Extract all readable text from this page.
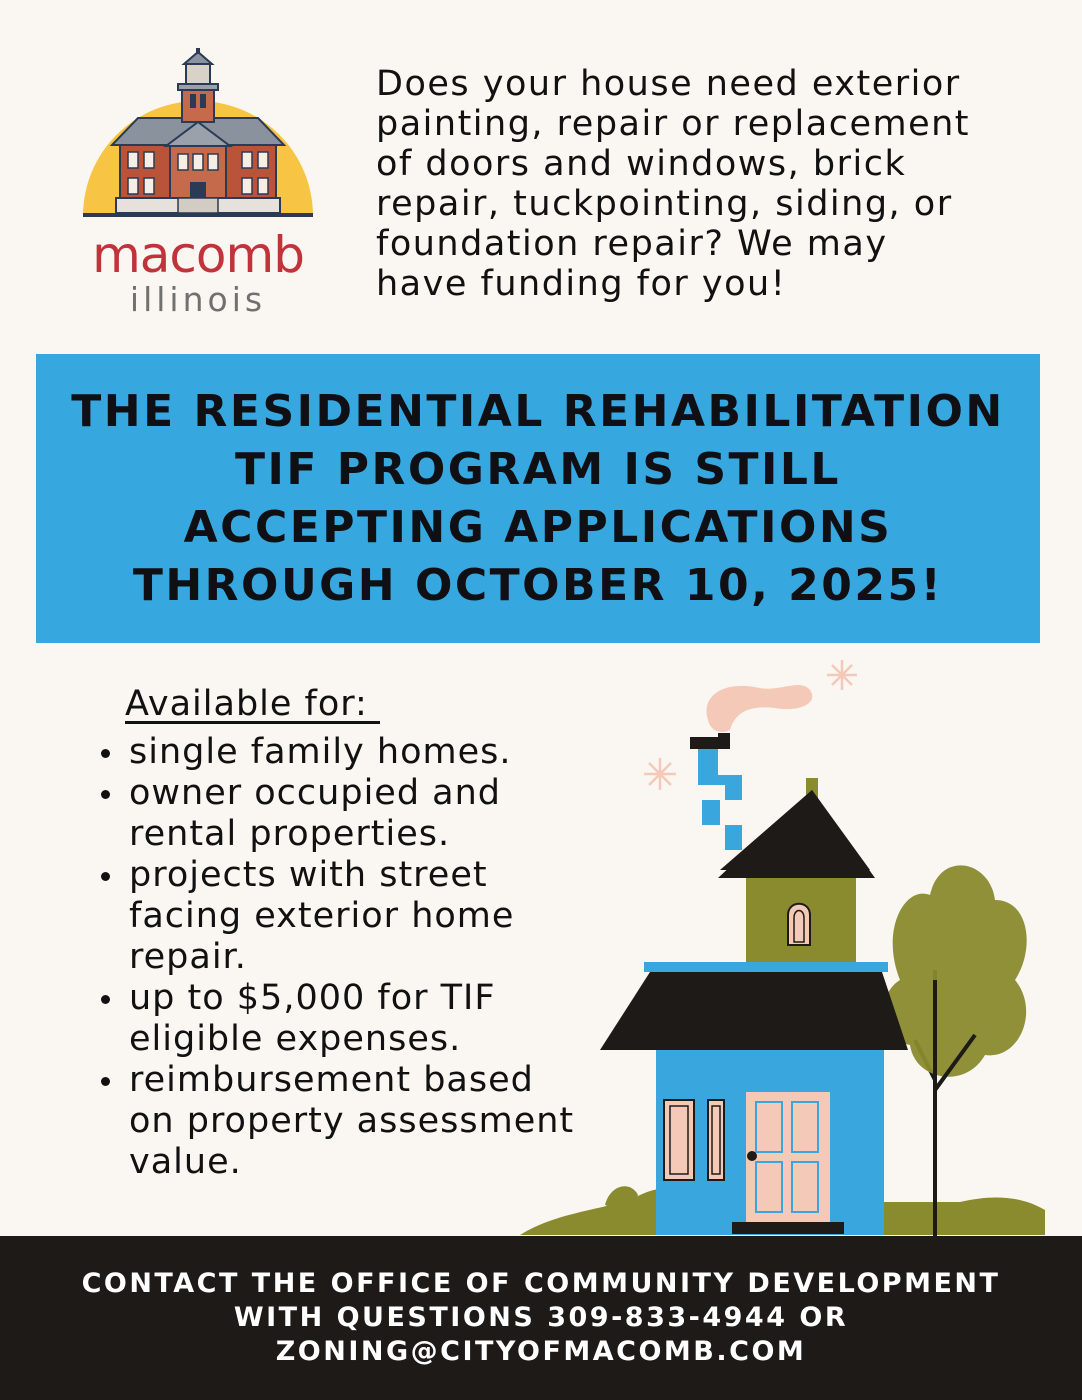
macomb
illinois
Does your house need exterior
painting, repair or replacement
of doors and windows, brick
repair, tuckpointing, siding, or
foundation repair? We may
have funding for you!
THE RESIDENTIAL REHABILITATION
TIF PROGRAM IS STILL
ACCEPTING APPLICATIONS
THROUGH OCTOBER 10, 2025!
Available for:
single family homes.
owner occupied and rental properties.
projects with street facing exterior home repair.
up to $5,000 for TIF eligible expenses.
reimbursement based on property assessment value.

CONTACT THE OFFICE OF COMMUNITY DEVELOPMENT
WITH QUESTIONS 309-833-4944 OR
ZONING@CITYOFMACOMB.COM
